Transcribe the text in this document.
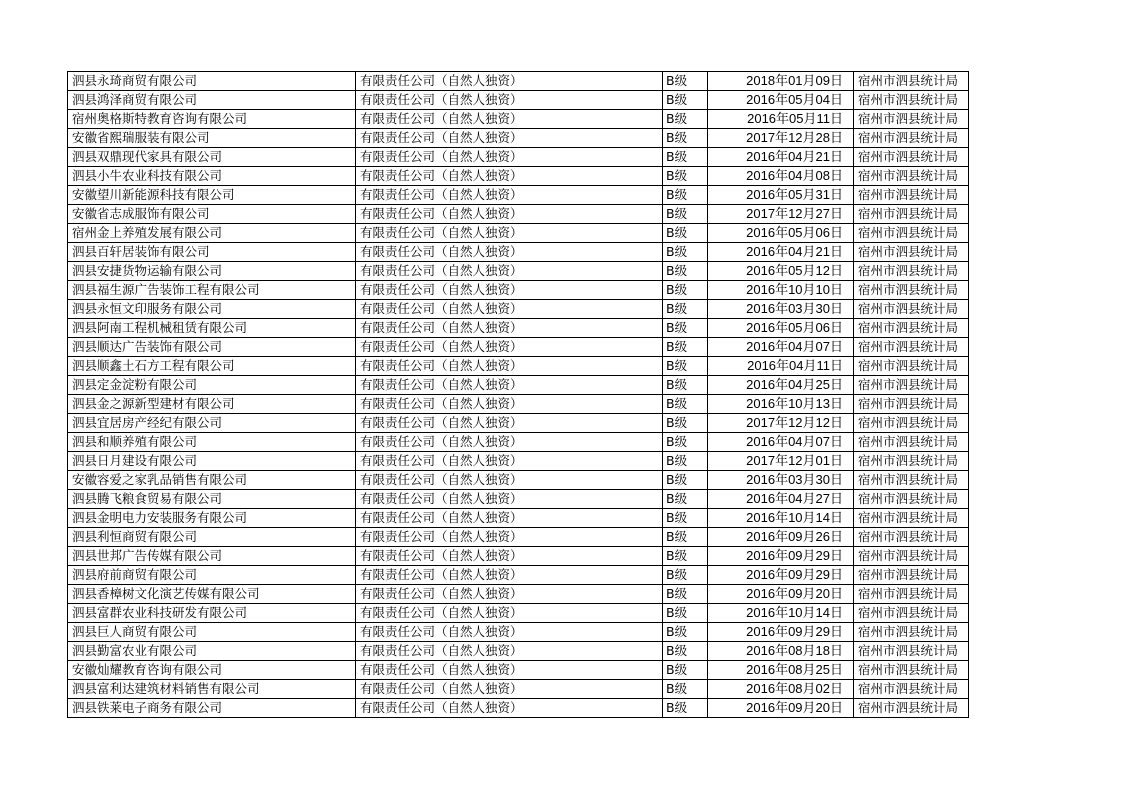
泗县永琦商贸有限公司	有限责任公司（自然人独资）	B级	2018年01月09日	宿州市泗县统计局
泗县鸿泽商贸有限公司	有限责任公司（自然人独资）	B级	2016年05月04日	宿州市泗县统计局
宿州奥格斯特教育咨询有限公司	有限责任公司（自然人独资）	B级	2016年05月11日	宿州市泗县统计局
安徽省熙瑞服装有限公司	有限责任公司（自然人独资）	B级	2017年12月28日	宿州市泗县统计局
泗县双鼎现代家具有限公司	有限责任公司（自然人独资）	B级	2016年04月21日	宿州市泗县统计局
泗县小牛农业科技有限公司	有限责任公司（自然人独资）	B级	2016年04月08日	宿州市泗县统计局
安徽望川新能源科技有限公司	有限责任公司（自然人独资）	B级	2016年05月31日	宿州市泗县统计局
安徽省志成服饰有限公司	有限责任公司（自然人独资）	B级	2017年12月27日	宿州市泗县统计局
宿州金上养殖发展有限公司	有限责任公司（自然人独资）	B级	2016年05月06日	宿州市泗县统计局
泗县百轩居装饰有限公司	有限责任公司（自然人独资）	B级	2016年04月21日	宿州市泗县统计局
泗县安捷货物运输有限公司	有限责任公司（自然人独资）	B级	2016年05月12日	宿州市泗县统计局
泗县福生源广告装饰工程有限公司	有限责任公司（自然人独资）	B级	2016年10月10日	宿州市泗县统计局
泗县永恒文印服务有限公司	有限责任公司（自然人独资）	B级	2016年03月30日	宿州市泗县统计局
泗县阿南工程机械租赁有限公司	有限责任公司（自然人独资）	B级	2016年05月06日	宿州市泗县统计局
泗县顺达广告装饰有限公司	有限责任公司（自然人独资）	B级	2016年04月07日	宿州市泗县统计局
泗县顺鑫土石方工程有限公司	有限责任公司（自然人独资）	B级	2016年04月11日	宿州市泗县统计局
泗县定金淀粉有限公司	有限责任公司（自然人独资）	B级	2016年04月25日	宿州市泗县统计局
泗县金之源新型建材有限公司	有限责任公司（自然人独资）	B级	2016年10月13日	宿州市泗县统计局
泗县宜居房产经纪有限公司	有限责任公司（自然人独资）	B级	2017年12月12日	宿州市泗县统计局
泗县和顺养殖有限公司	有限责任公司（自然人独资）	B级	2016年04月07日	宿州市泗县统计局
泗县日月建设有限公司	有限责任公司（自然人独资）	B级	2017年12月01日	宿州市泗县统计局
安徽容爱之家乳品销售有限公司	有限责任公司（自然人独资）	B级	2016年03月30日	宿州市泗县统计局
泗县腾飞粮食贸易有限公司	有限责任公司（自然人独资）	B级	2016年04月27日	宿州市泗县统计局
泗县金明电力安装服务有限公司	有限责任公司（自然人独资）	B级	2016年10月14日	宿州市泗县统计局
泗县利恒商贸有限公司	有限责任公司（自然人独资）	B级	2016年09月26日	宿州市泗县统计局
泗县世邦广告传媒有限公司	有限责任公司（自然人独资）	B级	2016年09月29日	宿州市泗县统计局
泗县府前商贸有限公司	有限责任公司（自然人独资）	B级	2016年09月29日	宿州市泗县统计局
泗县香樟树文化演艺传媒有限公司	有限责任公司（自然人独资）	B级	2016年09月20日	宿州市泗县统计局
泗县富群农业科技研发有限公司	有限责任公司（自然人独资）	B级	2016年10月14日	宿州市泗县统计局
泗县巨人商贸有限公司	有限责任公司（自然人独资）	B级	2016年09月29日	宿州市泗县统计局
泗县勤富农业有限公司	有限责任公司（自然人独资）	B级	2016年08月18日	宿州市泗县统计局
安徽灿耀教育咨询有限公司	有限责任公司（自然人独资）	B级	2016年08月25日	宿州市泗县统计局
泗县富利达建筑材料销售有限公司	有限责任公司（自然人独资）	B级	2016年08月02日	宿州市泗县统计局
泗县铁莱电子商务有限公司	有限责任公司（自然人独资）	B级	2016年09月20日	宿州市泗县统计局
